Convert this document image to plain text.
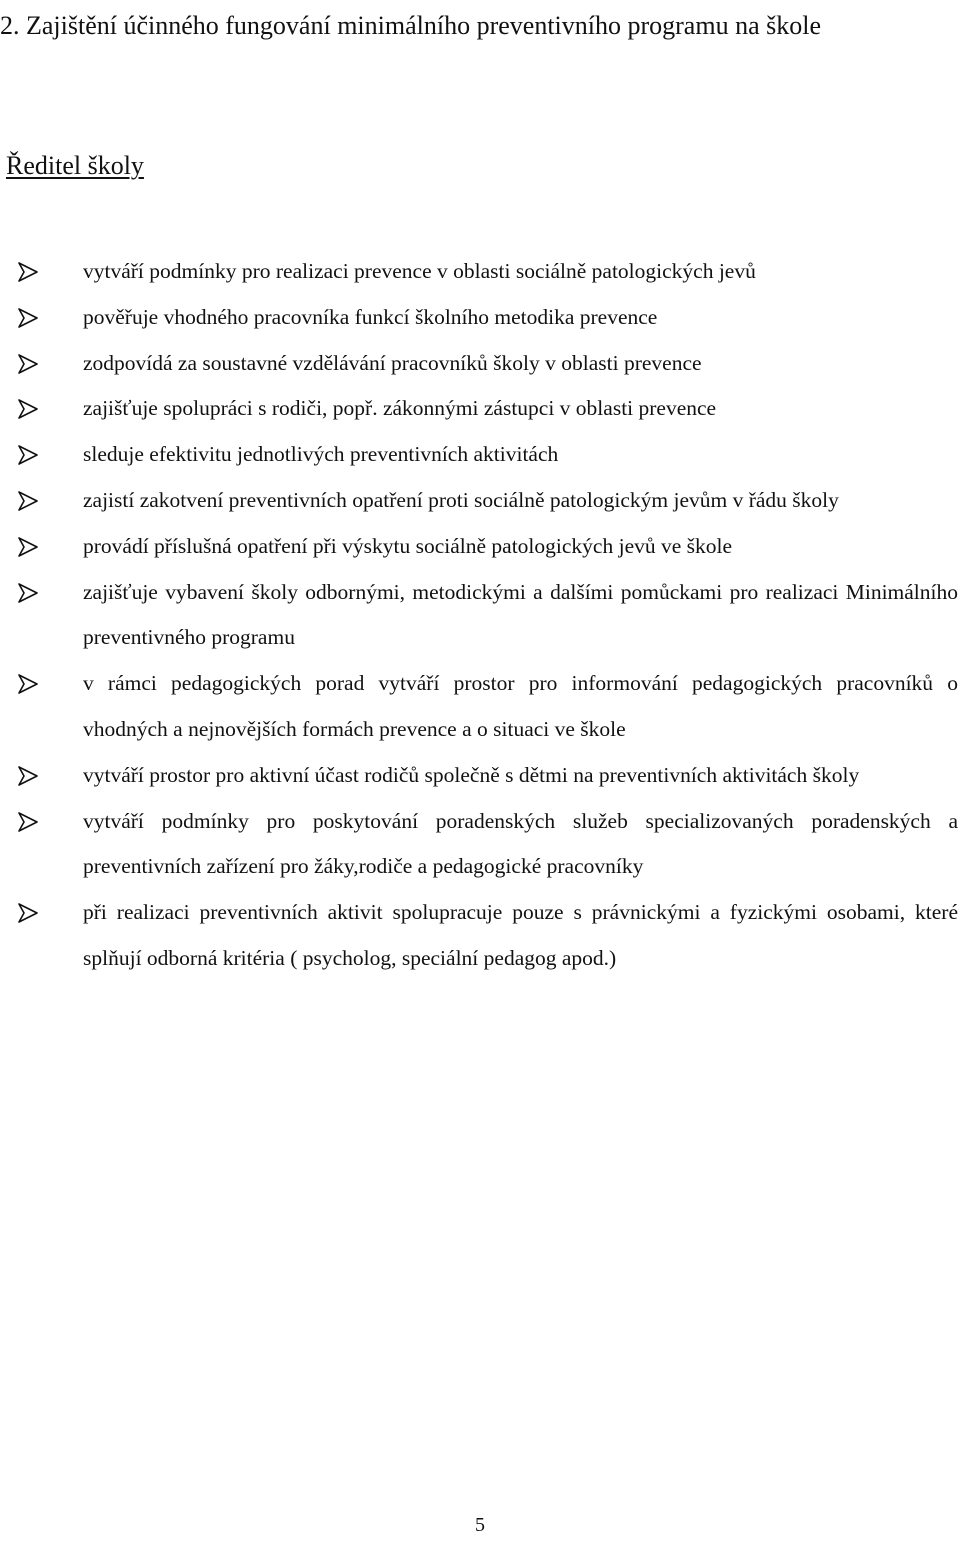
2. Zajištění účinného fungování minimálního preventivního programu na škole
Ředitel školy
vytváří podmínky pro realizaci prevence v oblasti sociálně patologických jevů
pověřuje vhodného pracovníka funkcí školního metodika prevence
zodpovídá za soustavné vzdělávání pracovníků školy v oblasti prevence
zajišťuje spolupráci s rodiči, popř. zákonnými zástupci v oblasti prevence
sleduje efektivitu jednotlivých preventivních aktivitách
zajistí zakotvení preventivních opatření proti sociálně patologickým jevům v řádu školy
provádí příslušná opatření při výskytu sociálně patologických jevů ve škole
zajišťuje vybavení školy odbornými, metodickými a dalšími pomůckami pro realizaci Minimálního preventivného programu
v rámci pedagogických porad vytváří prostor pro informování pedagogických pracovníků o vhodných a nejnovějších formách prevence a o situaci ve škole
vytváří prostor pro aktivní účast rodičů společně s dětmi na preventivních aktivitách školy
vytváří podmínky pro poskytování poradenských služeb specializovaných poradenských a preventivních zařízení pro žáky,rodiče a pedagogické pracovníky
při realizaci preventivních aktivit spolupracuje pouze s právnickými a fyzickými osobami, které splňují odborná kritéria ( psycholog, speciální pedagog apod.)
5
